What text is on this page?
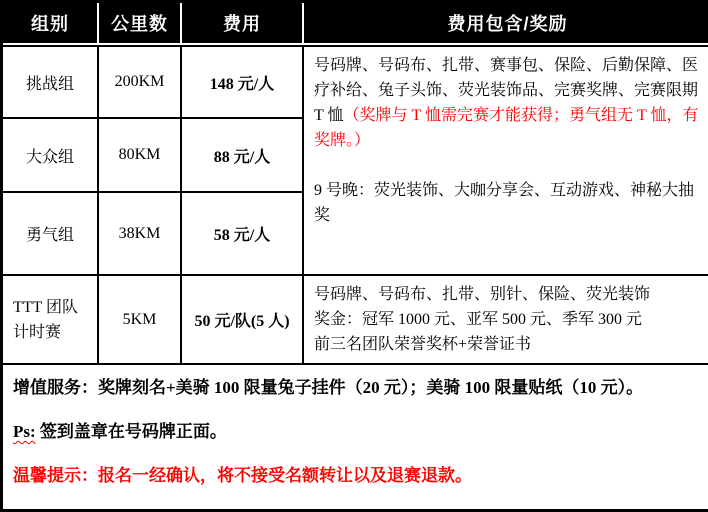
组别	公里数	费用	费用包含/奖励
挑战组	200KM	148 元/人	号码牌、号码布、扎带、赛事包、保险、后勤保障、医疗补给、兔子头饰、荧光装饰品、完赛奖牌、完赛限期 T 恤（奖牌与 T 恤需完赛才能获得；勇气组无 T 恤，有奖牌。）

9 号晚：荧光装饰、大咖分享会、互动游戏、神秘大抽奖

大众组	80KM	88 元/人	
勇气组	38KM	58 元/人	
TTT 团队计时赛	5KM	50 元/队(5 人)	号码牌、号码布、扎带、别针、保险、荧光装饰

奖金：冠军 1000 元、亚军 500 元、季军 300 元

前三名团队荣誉奖杯+荣誉证书

增值服务：奖牌刻名+美骑 100 限量兔子挂件（20 元）；美骑 100 限量贴纸（10 元）。

Ps: 签到盖章在号码牌正面。

温馨提示：报名一经确认，将不接受名额转让以及退赛退款。			
